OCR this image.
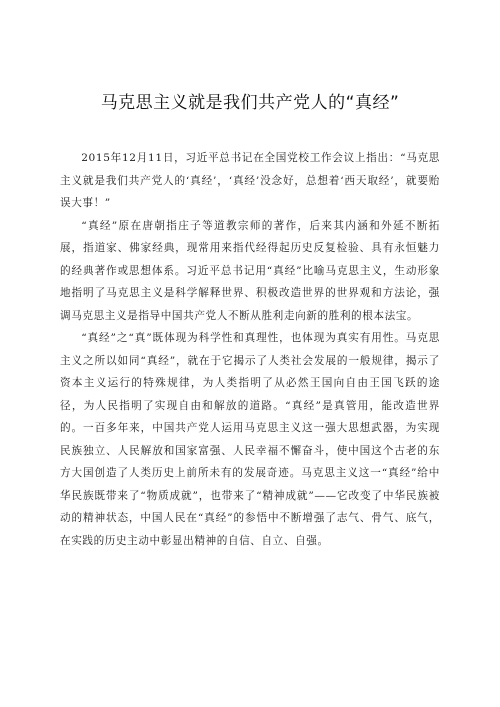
马克思主义就是我们共产党人的“真经”

2015年12月11日，习近平总书记在全国党校工作会议上指出：“马克思主义就是我们共产党人的‘真经’，‘真经’没念好，总想着‘西天取经’，就要贻误大事！”

“真经”原在唐朝指庄子等道教宗师的著作，后来其内涵和外延不断拓展，指道家、佛家经典，现常用来指代经得起历史反复检验、具有永恒魅力的经典著作或思想体系。习近平总书记用“真经”比喻马克思主义，生动形象地指明了马克思主义是科学解释世界、积极改造世界的世界观和方法论，强调马克思主义是指导中国共产党人不断从胜利走向新的胜利的根本法宝。

“真经”之“真”既体现为科学性和真理性，也体现为真实有用性。马克思主义之所以如同“真经”，就在于它揭示了人类社会发展的一般规律，揭示了资本主义运行的特殊规律，为人类指明了从必然王国向自由王国飞跃的途径，为人民指明了实现自由和解放的道路。“真经”是真管用，能改造世界的。一百多年来，中国共产党人运用马克思主义这一强大思想武器，为实现民族独立、人民解放和国家富强、人民幸福不懈奋斗，使中国这个古老的东方大国创造了人类历史上前所未有的发展奇迹。马克思主义这一“真经”给中华民族既带来了“物质成就”，也带来了“精神成就”——它改变了中华民族被动的精神状态，中国人民在“真经”的参悟中不断增强了志气、骨气、底气，在实践的历史主动中彰显出精神的自信、自立、自强。
